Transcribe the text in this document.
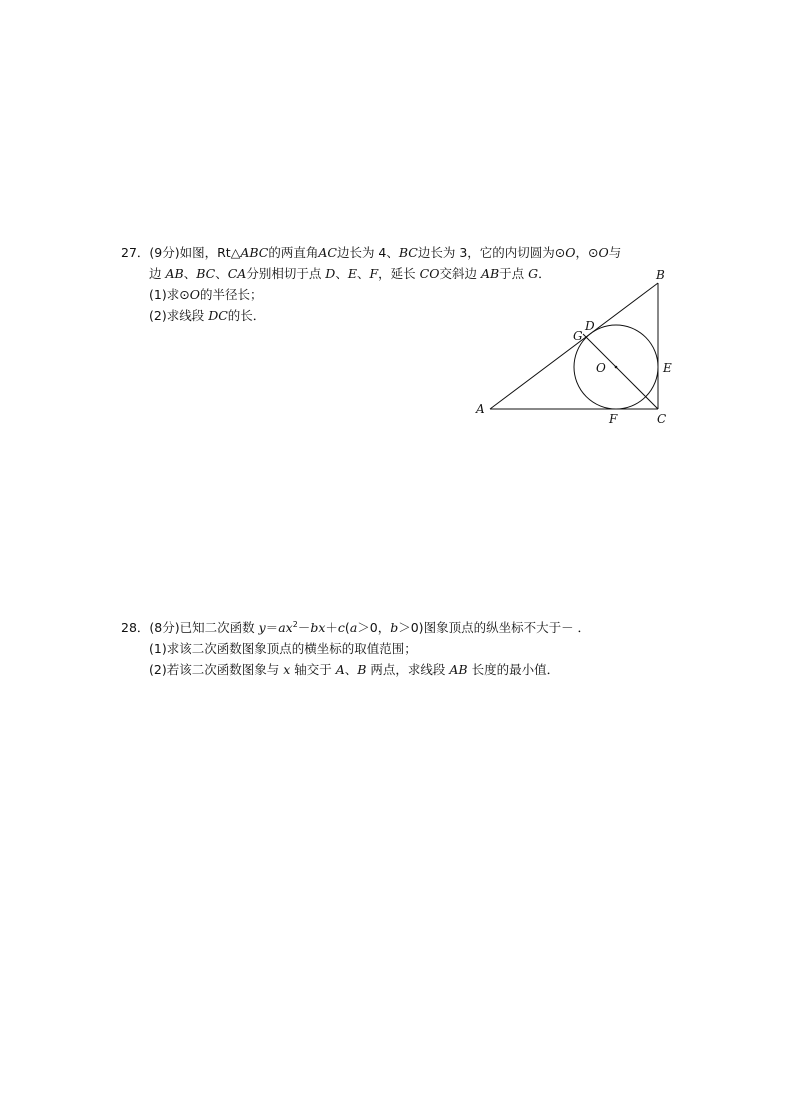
27．(9分)如图，Rt△ABC的两直角AC边长为 4、BC边长为 3，它的内切圆为⊙O，⊙O与
边 AB、BC、CA分别相切于点 D、E、F，延长 CO交斜边 AB于点 G．
(1)求⊙O的半径长；
(2)求线段 DC的长．
A
B
C
D
E
F
G
O
28．(8分)已知二次函数 $y=ax^2-bx+c(a>0$，b＞0)图象顶点的纵坐标不大于－ ．
(1)求该二次函数图象顶点的横坐标的取值范围；
(2)若该二次函数图象与 x 轴交于 A、B 两点，求线段 AB 长度的最小值．
